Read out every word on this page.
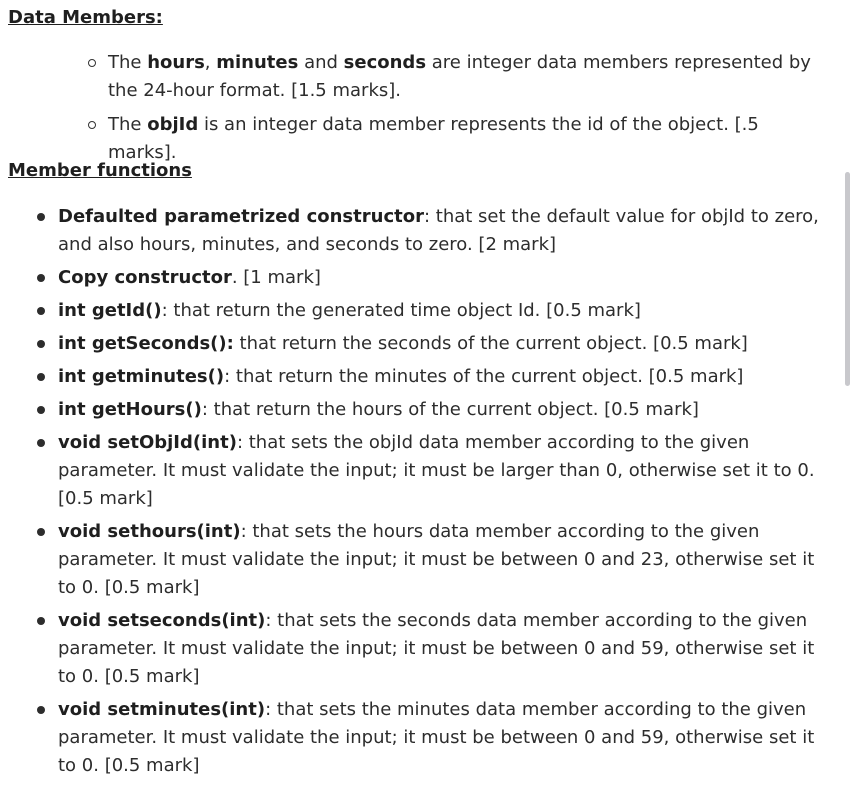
Data Members:
The hours, minutes and seconds are integer data members represented by the 24-hour format. [1.5 marks].
The objId is an integer data member represents the id of the object. [.5 marks].
Member functions
Defaulted parametrized constructor: that set the default value for objId to zero, and also hours, minutes, and seconds to zero. [2 mark]
Copy constructor. [1 mark]
int getId(): that return the generated time object Id. [0.5 mark]
int getSeconds(): that return the seconds of the current object. [0.5 mark]
int getminutes(): that return the minutes of the current object. [0.5 mark]
int getHours(): that return the hours of the current object. [0.5 mark]
void setObjId(int): that sets the objId data member according to the given parameter. It must validate the input; it must be larger than 0, otherwise set it to 0. [0.5 mark]
void sethours(int): that sets the hours data member according to the given parameter. It must validate the input; it must be between 0 and 23, otherwise set it to 0. [0.5 mark]
void setseconds(int): that sets the seconds data member according to the given parameter. It must validate the input; it must be between 0 and 59, otherwise set it to 0. [0.5 mark]
void setminutes(int): that sets the minutes data member according to the given parameter. It must validate the input; it must be between 0 and 59, otherwise set it to 0. [0.5 mark]
